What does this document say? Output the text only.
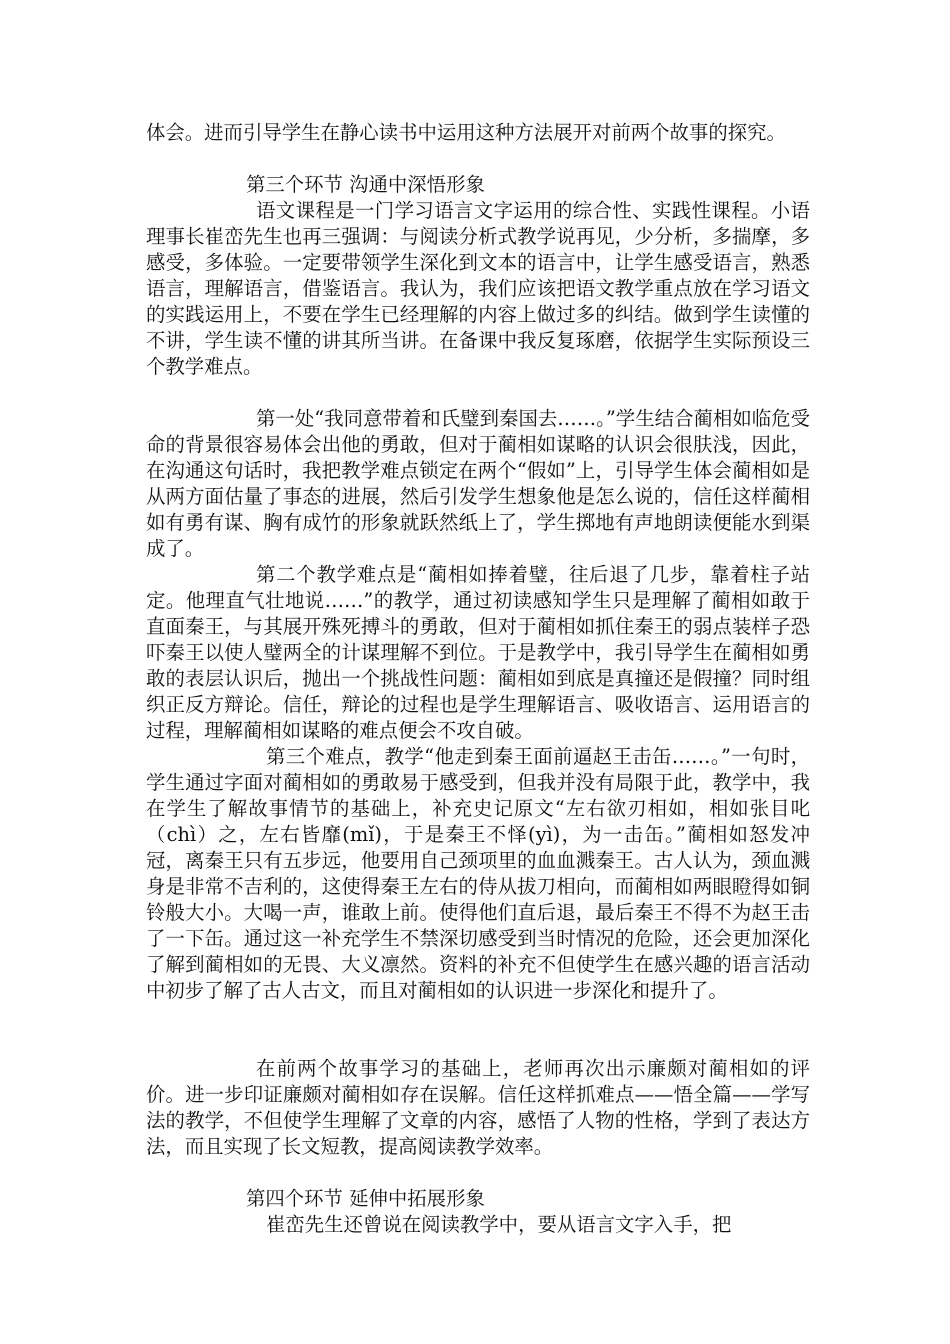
体会。进而引导学生在静心读书中运用这种方法展开对前两个故事的探究。
第三个环节 沟通中深悟形象
语文课程是一门学习语言文字运用的综合性、实践性课程。小语理事长崔峦先生也再三强调：与阅读分析式教学说再见，少分析，多揣摩，多感受，多体验。一定要带领学生深化到文本的语言中，让学生感受语言，熟悉语言，理解语言，借鉴语言。我认为，我们应该把语文教学重点放在学习语文的实践运用上，不要在学生已经理解的内容上做过多的纠结。做到学生读懂的不讲，学生读不懂的讲其所当讲。在备课中我反复琢磨，依据学生实际预设三个教学难点。
第一处“我同意带着和氏璧到秦国去……。”学生结合蔺相如临危受命的背景很容易体会出他的勇敢，但对于蔺相如谋略的认识会很肤浅，因此，在沟通这句话时，我把教学难点锁定在两个“假如”上，引导学生体会蔺相如是从两方面估量了事态的进展，然后引发学生想象他是怎么说的，信任这样蔺相如有勇有谋、胸有成竹的形象就跃然纸上了，学生掷地有声地朗读便能水到渠成了。
第二个教学难点是“蔺相如捧着璧，往后退了几步，靠着柱子站定。他理直气壮地说……”的教学，通过初读感知学生只是理解了蔺相如敢于直面秦王，与其展开殊死搏斗的勇敢，但对于蔺相如抓住秦王的弱点装样子恐吓秦王以使人璧两全的计谋理解不到位。于是教学中，我引导学生在蔺相如勇敢的表层认识后，抛出一个挑战性问题：蔺相如到底是真撞还是假撞？同时组织正反方辩论。信任，辩论的过程也是学生理解语言、吸收语言、运用语言的过程，理解蔺相如谋略的难点便会不攻自破。
第三个难点，教学“他走到秦王面前逼赵王击缶……。”一句时，学生通过字面对蔺相如的勇敢易于感受到，但我并没有局限于此，教学中，我在学生了解故事情节的基础上，补充史记原文“左右欲刃相如，相如张目叱（chì）之，左右皆靡(mǐ)，于是秦王不怿(yì)，为一击缶。”蔺相如怒发冲冠，离秦王只有五步远，他要用自己颈项里的血血溅秦王。古人认为，颈血溅身是非常不吉利的，这使得秦王左右的侍从拔刀相向，而蔺相如两眼瞪得如铜铃般大小。大喝一声，谁敢上前。使得他们直后退，最后秦王不得不为赵王击了一下缶。通过这一补充学生不禁深切感受到当时情况的危险，还会更加深化了解到蔺相如的无畏、大义凛然。资料的补充不但使学生在感兴趣的语言活动中初步了解了古人古文，而且对蔺相如的认识进一步深化和提升了。
在前两个故事学习的基础上，老师再次出示廉颇对蔺相如的评价。进一步印证廉颇对蔺相如存在误解。信任这样抓难点——悟全篇——学写法的教学，不但使学生理解了文章的内容，感悟了人物的性格，学到了表达方法，而且实现了长文短教，提高阅读教学效率。
第四个环节 延伸中拓展形象
崔峦先生还曾说在阅读教学中，要从语言文字入手，把
